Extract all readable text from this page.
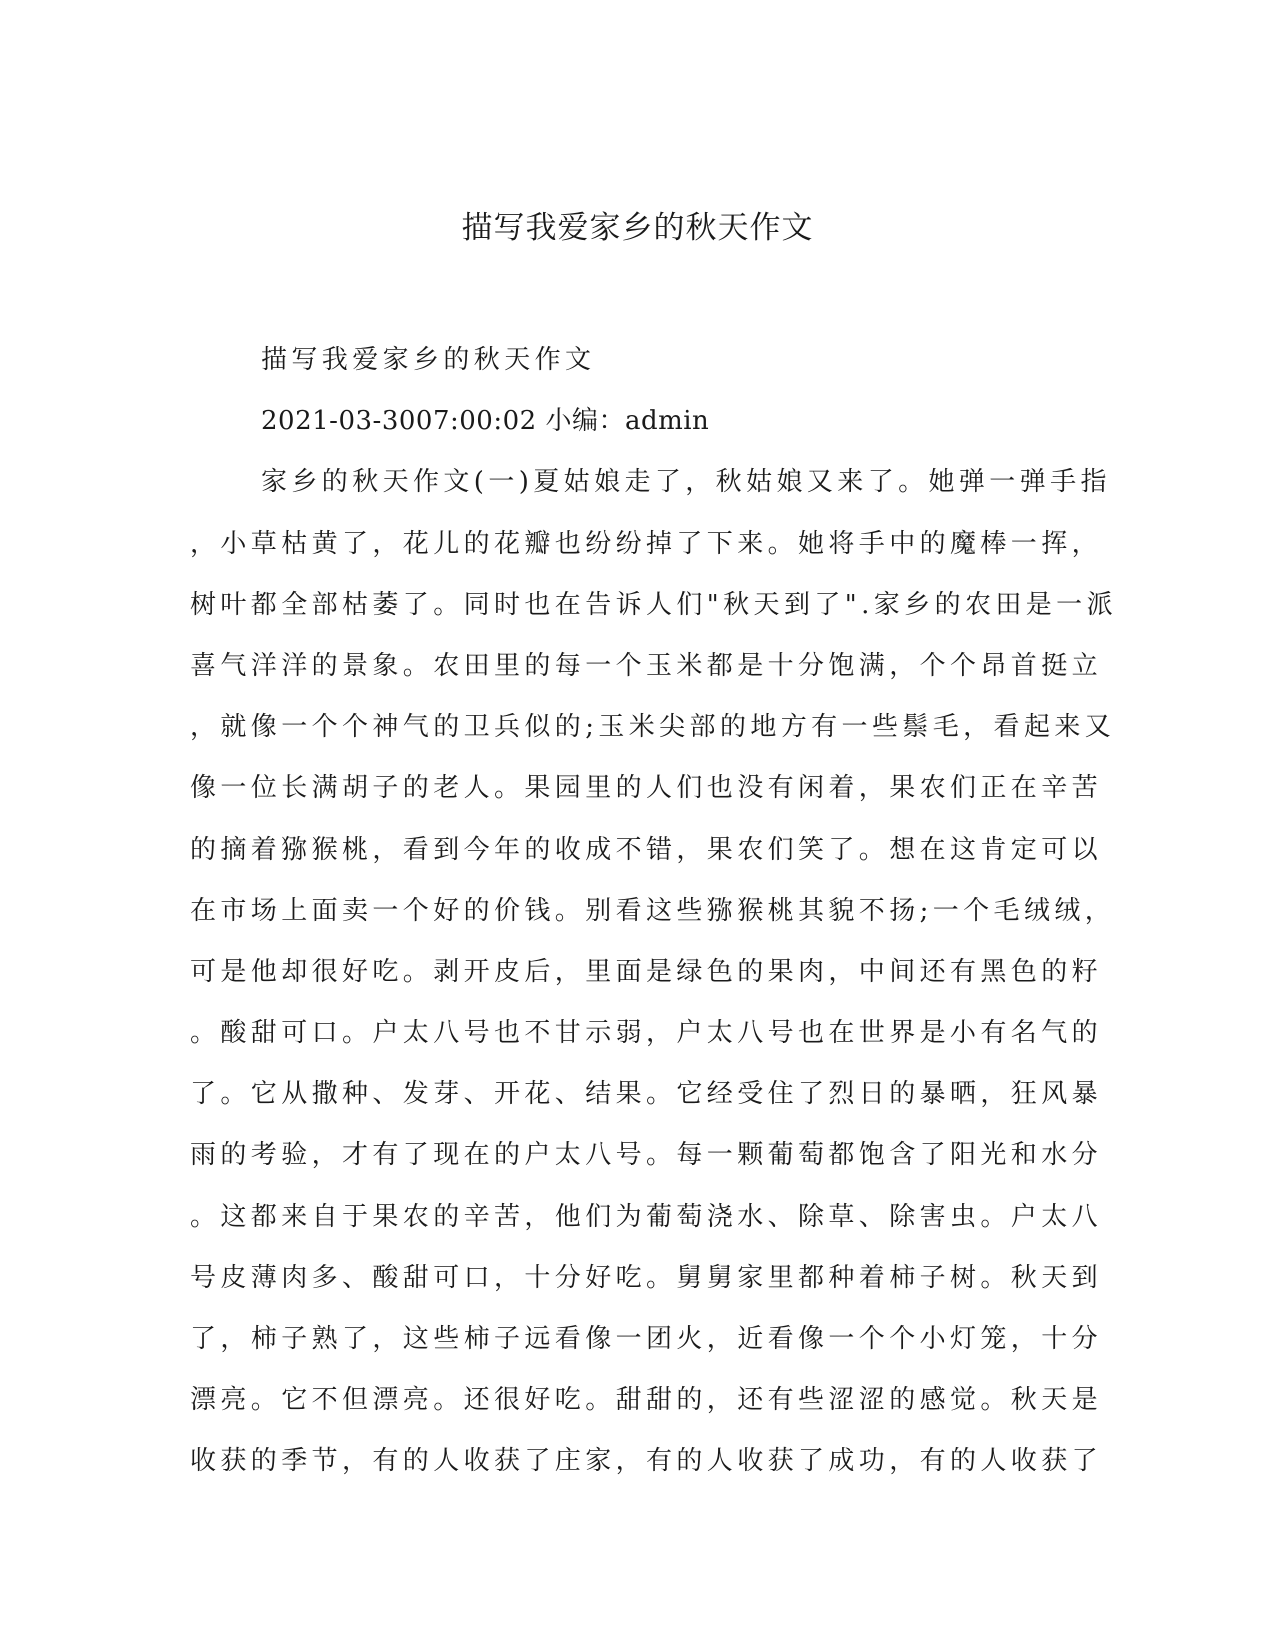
描写我爱家乡的秋天作文
描写我爱家乡的秋天作文
2021-03-3007:00:02 小编：admin
家乡的秋天作文(一)夏姑娘走了，秋姑娘又来了。她弹一弹手指
，小草枯黄了，花儿的花瓣也纷纷掉了下来。她将手中的魔棒一挥，
树叶都全部枯萎了。同时也在告诉人们"秋天到了".家乡的农田是一派
喜气洋洋的景象。农田里的每一个玉米都是十分饱满，个个昂首挺立
，就像一个个神气的卫兵似的;玉米尖部的地方有一些鬃毛，看起来又
像一位长满胡子的老人。果园里的人们也没有闲着，果农们正在辛苦
的摘着猕猴桃，看到今年的收成不错，果农们笑了。想在这肯定可以
在市场上面卖一个好的价钱。别看这些猕猴桃其貌不扬;一个毛绒绒，
可是他却很好吃。剥开皮后，里面是绿色的果肉，中间还有黑色的籽
。酸甜可口。户太八号也不甘示弱，户太八号也在世界是小有名气的
了。它从撒种、发芽、开花、结果。它经受住了烈日的暴晒，狂风暴
雨的考验，才有了现在的户太八号。每一颗葡萄都饱含了阳光和水分
。这都来自于果农的辛苦，他们为葡萄浇水、除草、除害虫。户太八
号皮薄肉多、酸甜可口，十分好吃。舅舅家里都种着柿子树。秋天到
了，柿子熟了，这些柿子远看像一团火，近看像一个个小灯笼，十分
漂亮。它不但漂亮。还很好吃。甜甜的，还有些涩涩的感觉。秋天是
收获的季节，有的人收获了庄家，有的人收获了成功，有的人收获了
